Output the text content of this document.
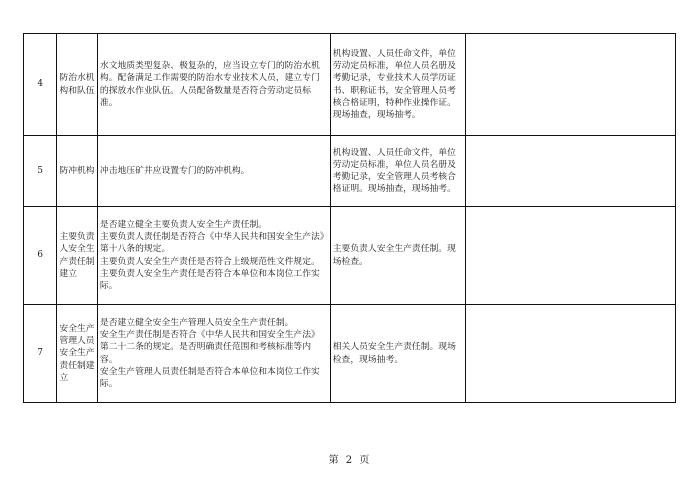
4	防治水机构和队伍	水文地质类型复杂、极复杂的，应当设立专门的防治水机构。配备满足工作需要的防治水专业技术人员，建立专门的探放水作业队伍。人员配备数量是否符合劳动定员标准。	机构设置、人员任命文件，单位劳动定员标准，单位人员名册及考勤记录，专业技术人员学历证书、职称证书，安全管理人员考核合格证明，特种作业操作证。
现场抽查，现场抽考。	

5	防冲机构	冲击地压矿井应设置专门的防冲机构。	机构设置、人员任命文件，单位劳动定员标准，单位人员名册及考勤记录，安全管理人员考核合格证明。现场抽查，现场抽考。	

6	主要负责人安全生产责任制建立	是否建立健全主要负责人安全生产责任制。
主要负责人责任制是否符合《中华人民共和国安全生产法》第十八条的规定。
主要负责人安全生产责任是否符合上级规范性文件规定。
主要负责人安全生产责任是否符合本单位和本岗位工作实际。	主要负责人安全生产责任制。现场检查。	

7	安全生产管理人员安全生产责任制建立	是否建立健全安全生产管理人员安全生产责任制。
安全生产责任制是否符合《中华人民共和国安全生产法》第二十二条的规定。是否明确责任范围和考核标准等内容。
安全生产管理人员责任制是否符合本单位和本岗位工作实际。	相关人员安全生产责任制。现场检查，现场抽考。	

第 2 页
